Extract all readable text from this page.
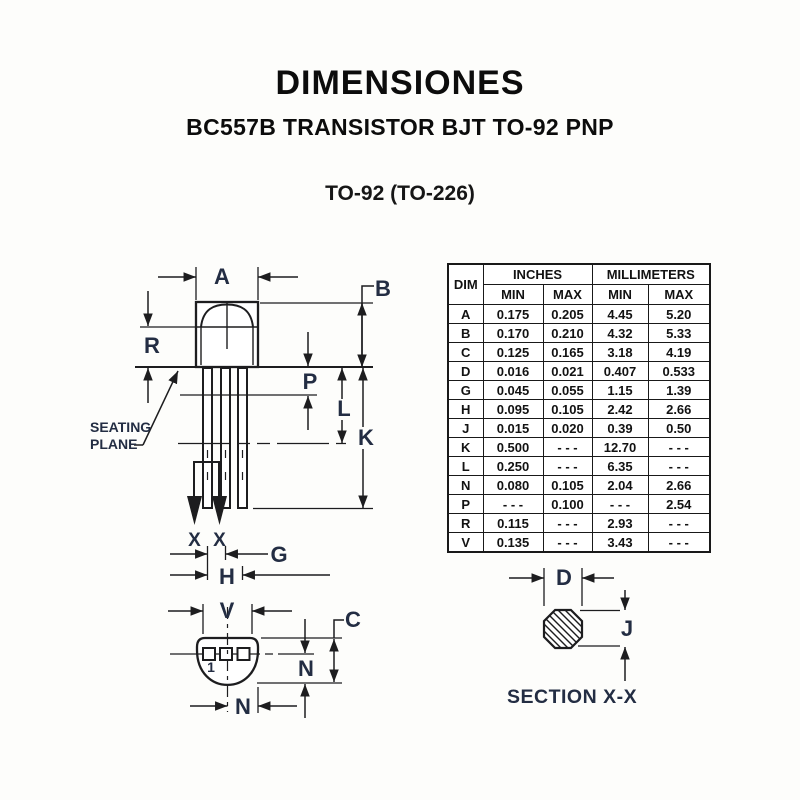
DIMENSIONES
BC557B TRANSISTOR BJT TO-92 PNP
TO-92 (TO-226)
A	B
R
P
L
K
G
H
X X
SEATING
PLANE
V	C
N
N
1
D
J
SECTION X-X
DIM	INCHES		MILLIMETERS	
	MIN	MAX	MIN	MAX
A	0.175	0.205	4.45	5.20
B	0.170	0.210	4.32	5.33
C	0.125	0.165	3.18	4.19
D	0.016	0.021	0.407	0.533
G	0.045	0.055	1.15	1.39
H	0.095	0.105	2.42	2.66
J	0.015	0.020	0.39	0.50
K	0.500	- - -	12.70	- - -
L	0.250	- - -	6.35	- - -
N	0.080	0.105	2.04	2.66
P	- - -	0.100	- - -	2.54
R	0.115	- - -	2.93	- - -
V	0.135	- - -	3.43	- - -
